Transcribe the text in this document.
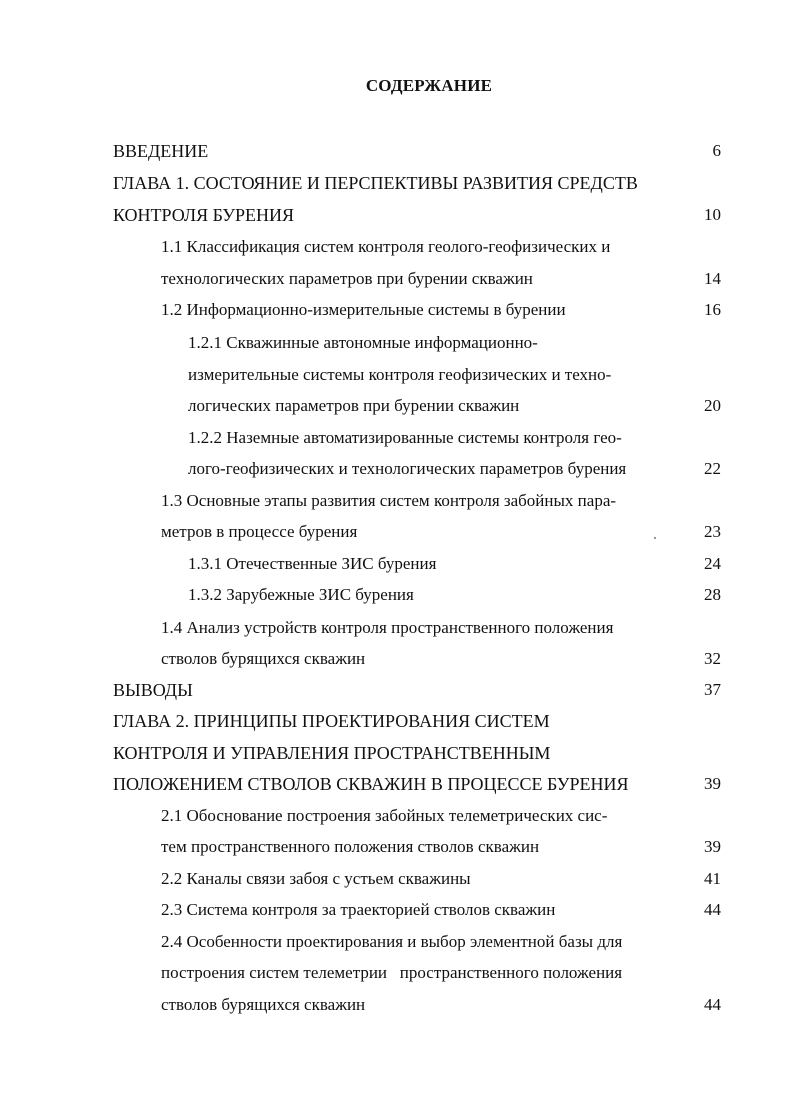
СОДЕРЖАНИЕ
ВВЕДЕНИЕ	6
ГЛАВА 1. СОСТОЯНИЕ И ПЕРСПЕКТИВЫ РАЗВИТИЯ СРЕДСТВ
КОНТРОЛЯ БУРЕНИЯ	10
1.1 Классификация систем контроля геолого-геофизических и
технологических параметров при бурении скважин	14
1.2 Информационно-измерительные системы в бурении	16
1.2.1 Скважинные автономные информационно-
измерительные системы контроля геофизических и техно-
логических параметров при бурении скважин	20
1.2.2 Наземные автоматизированные системы контроля гео-
лого-геофизических и технологических параметров бурения	22
1.3 Основные этапы развития систем контроля забойных пара-
метров в процессе бурения	23
1.3.1 Отечественные ЗИС бурения	24
1.3.2 Зарубежные ЗИС бурения	28
1.4 Анализ устройств контроля пространственного положения
стволов бурящихся скважин	32
ВЫВОДЫ	37
ГЛАВА 2. ПРИНЦИПЫ ПРОЕКТИРОВАНИЯ СИСТЕМ
КОНТРОЛЯ И УПРАВЛЕНИЯ ПРОСТРАНСТВЕННЫМ
ПОЛОЖЕНИЕМ СТВОЛОВ СКВАЖИН В ПРОЦЕССЕ БУРЕНИЯ	39
2.1 Обоснование построения забойных телеметрических сис-
тем пространственного положения стволов скважин	39
2.2 Каналы связи забоя с устьем скважины	41
2.3 Система контроля за траекторией стволов скважин	44
2.4 Особенности проектирования и выбор элементной базы для
построения систем телеметрии   пространственного положения
стволов бурящихся скважин	44
